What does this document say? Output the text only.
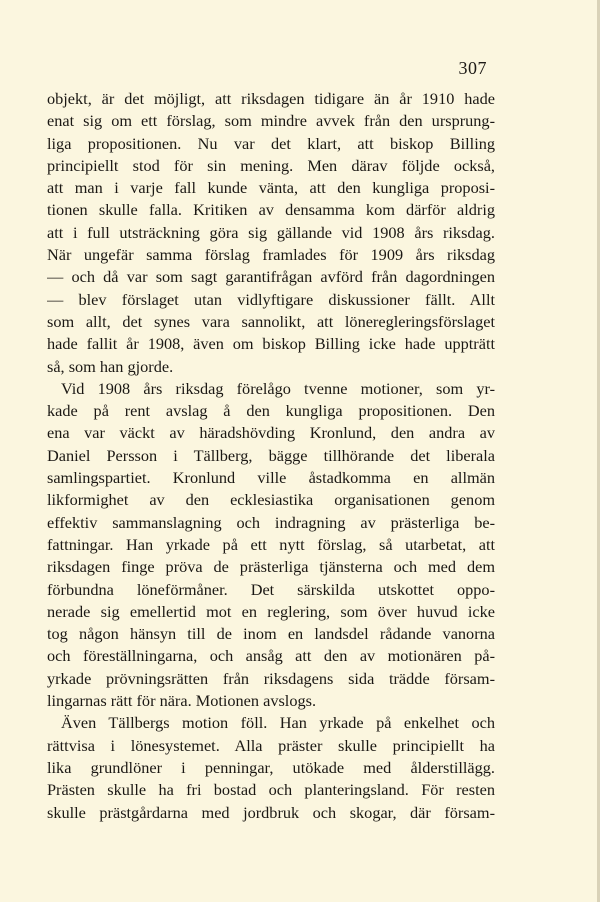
307
objekt, är det möjligt, att riksdagen tidigare än år 1910 hade
enat sig om ett förslag, som mindre avvek från den ursprung-
liga propositionen. Nu var det klart, att biskop Billing
principiellt stod för sin mening. Men därav följde också,
att man i varje fall kunde vänta, att den kungliga proposi-
tionen skulle falla. Kritiken av densamma kom därför aldrig
att i full utsträckning göra sig gällande vid 1908 års riksdag.
När ungefär samma förslag framlades för 1909 års riksdag
— och då var som sagt garantifrågan avförd från dagordningen
— blev förslaget utan vidlyftigare diskussioner fällt. Allt
som allt, det synes vara sannolikt, att löneregleringsförslaget
hade fallit år 1908, även om biskop Billing icke hade uppträtt
så, som han gjorde.
Vid 1908 års riksdag förelågo tvenne motioner, som yr-
kade på rent avslag å den kungliga propositionen. Den
ena var väckt av häradshövding Kronlund, den andra av
Daniel Persson i Tällberg, bägge tillhörande det liberala
samlingspartiet. Kronlund ville åstadkomma en allmän
likformighet av den ecklesiastika organisationen genom
effektiv sammanslagning och indragning av prästerliga be-
fattningar. Han yrkade på ett nytt förslag, så utarbetat, att
riksdagen finge pröva de prästerliga tjänsterna och med dem
förbundna löneförmåner. Det särskilda utskottet oppo-
nerade sig emellertid mot en reglering, som över huvud icke
tog någon hänsyn till de inom en landsdel rådande vanorna
och föreställningarna, och ansåg att den av motionären på-
yrkade prövningsrätten från riksdagens sida trädde försam-
lingarnas rätt för nära. Motionen avslogs.
Även Tällbergs motion föll. Han yrkade på enkelhet och
rättvisa i lönesystemet. Alla präster skulle principiellt ha
lika grundlöner i penningar, utökade med ålderstillägg.
Prästen skulle ha fri bostad och planteringsland. För resten
skulle prästgårdarna med jordbruk och skogar, där försam-
